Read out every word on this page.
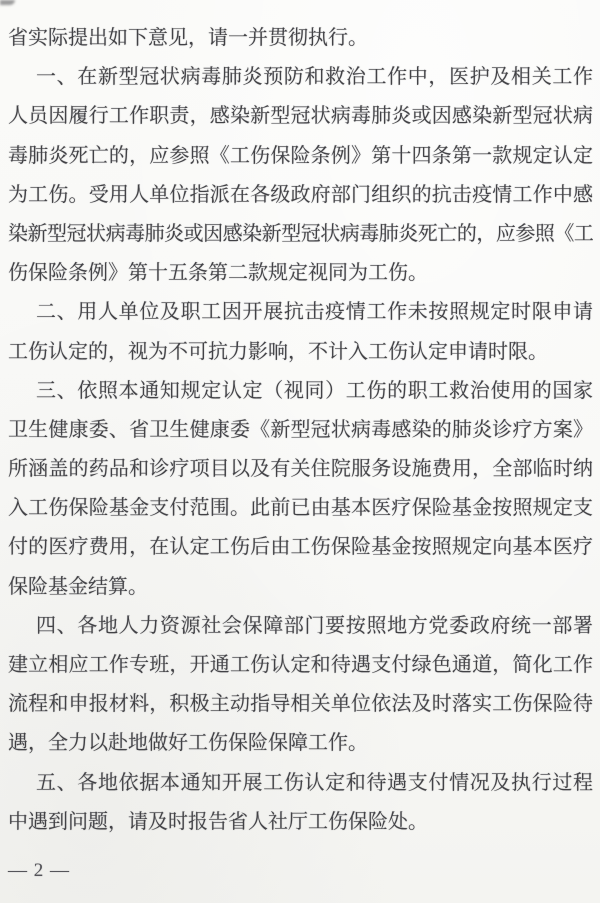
省实际提出如下意见，请一并贯彻执行。
一、在新型冠状病毒肺炎预防和救治工作中，医护及相关工作
人员因履行工作职责，感染新型冠状病毒肺炎或因感染新型冠状病
毒肺炎死亡的，应参照《工伤保险条例》第十四条第一款规定认定
为工伤。受用人单位指派在各级政府部门组织的抗击疫情工作中感
染新型冠状病毒肺炎或因感染新型冠状病毒肺炎死亡的，应参照《工
伤保险条例》第十五条第二款规定视同为工伤。
二、用人单位及职工因开展抗击疫情工作未按照规定时限申请
工伤认定的，视为不可抗力影响，不计入工伤认定申请时限。
三、依照本通知规定认定（视同）工伤的职工救治使用的国家
卫生健康委、省卫生健康委《新型冠状病毒感染的肺炎诊疗方案》
所涵盖的药品和诊疗项目以及有关住院服务设施费用，全部临时纳
入工伤保险基金支付范围。此前已由基本医疗保险基金按照规定支
付的医疗费用，在认定工伤后由工伤保险基金按照规定向基本医疗
保险基金结算。
四、各地人力资源社会保障部门要按照地方党委政府统一部署
建立相应工作专班，开通工伤认定和待遇支付绿色通道，简化工作
流程和申报材料，积极主动指导相关单位依法及时落实工伤保险待
遇，全力以赴地做好工伤保险保障工作。
五、各地依据本通知开展工伤认定和待遇支付情况及执行过程
中遇到问题，请及时报告省人社厅工伤保险处。
— 2 —
